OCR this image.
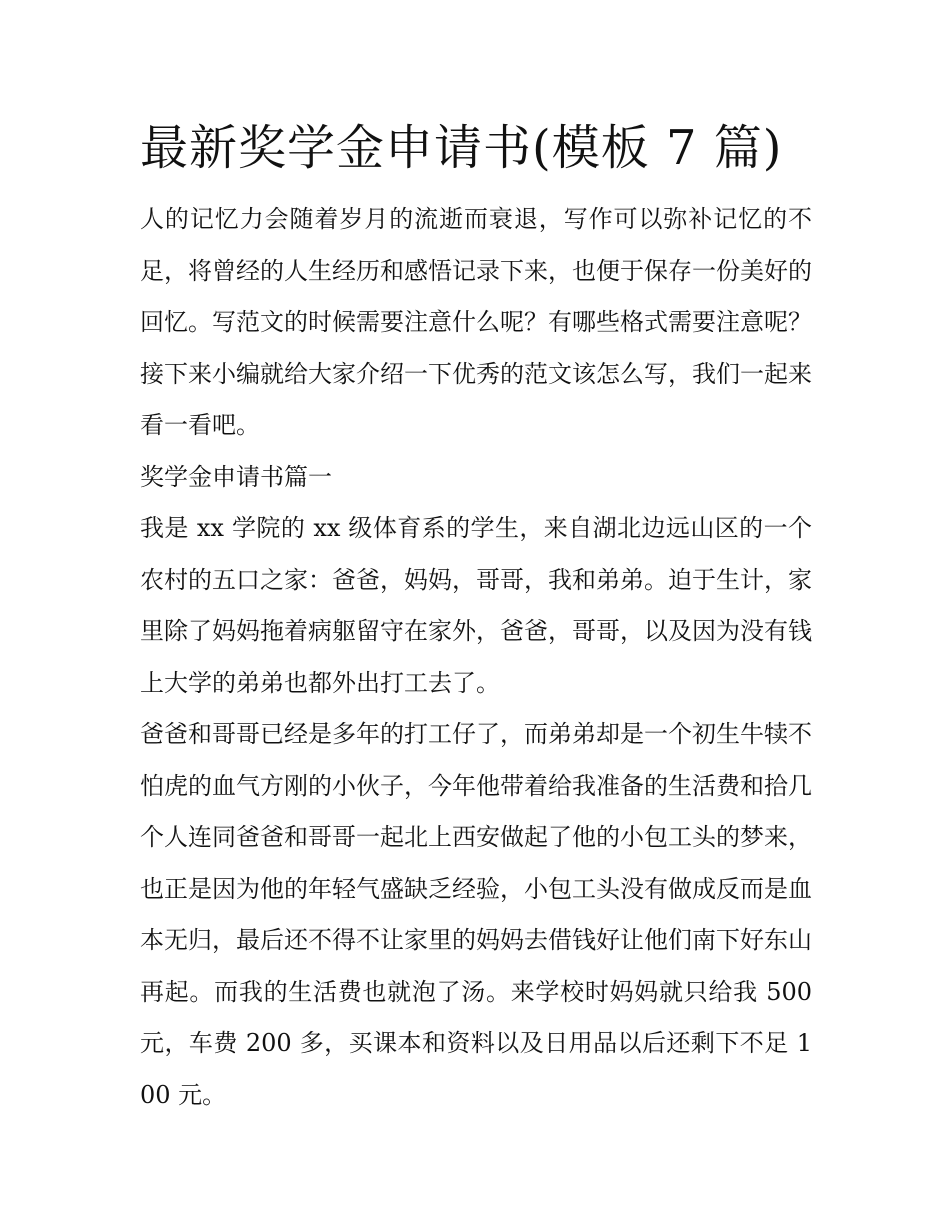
最新奖学金申请书(模板 7 篇)

人的记忆力会随着岁月的流逝而衰退，写作可以弥补记忆的不足，将曾经的人生经历和感悟记录下来，也便于保存一份美好的回忆。写范文的时候需要注意什么呢？有哪些格式需要注意呢？接下来小编就给大家介绍一下优秀的范文该怎么写，我们一起来看一看吧。

奖学金申请书篇一

我是 xx 学院的 xx 级体育系的学生，来自湖北边远山区的一个农村的五口之家：爸爸，妈妈，哥哥，我和弟弟。迫于生计，家里除了妈妈拖着病躯留守在家外，爸爸，哥哥，以及因为没有钱上大学的弟弟也都外出打工去了。

爸爸和哥哥已经是多年的打工仔了，而弟弟却是一个初生牛犊不怕虎的血气方刚的小伙子，今年他带着给我准备的生活费和拾几个人连同爸爸和哥哥一起北上西安做起了他的小包工头的梦来，也正是因为他的年轻气盛缺乏经验，小包工头没有做成反而是血本无归，最后还不得不让家里的妈妈去借钱好让他们南下好东山再起。而我的生活费也就泡了汤。来学校时妈妈就只给我 500 元，车费 200 多，买课本和资料以及日用品以后还剩下不足 100 元。
